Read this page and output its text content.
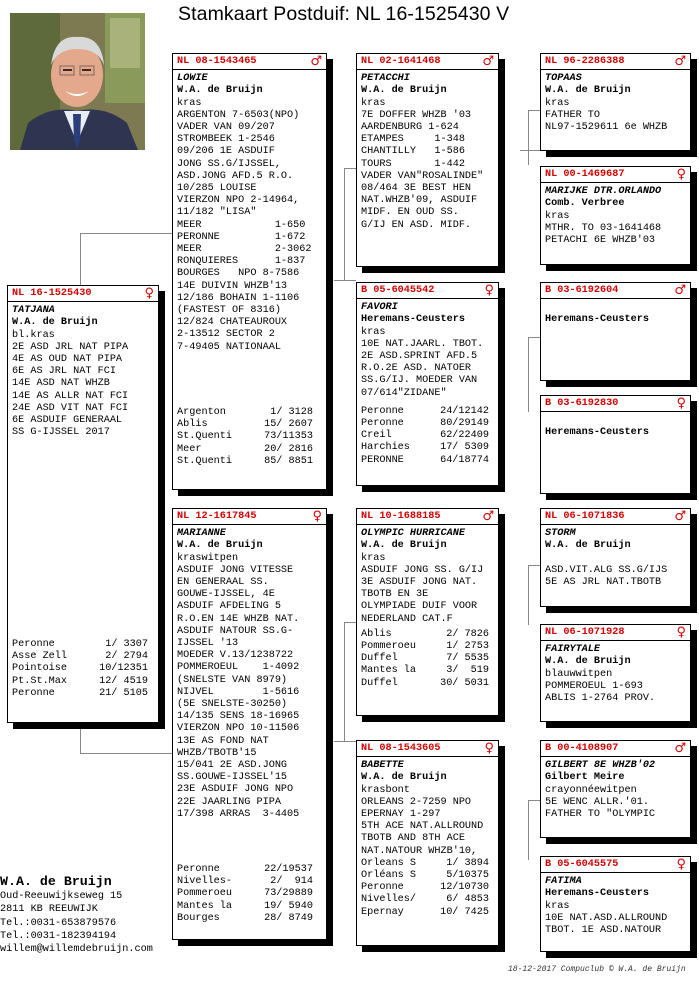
Stamkaart Postduif: NL 16-1525430 V
NL 16-1525430	♀
TATJANA
W.A. de Bruijn
bl.kras
2E ASD JRL NAT PIPA
4E AS OUD NAT PIPA
6E AS JRL NAT FCI
14E ASD NAT WHZB
14E AS ALLR NAT FCI
24E ASD VIT NAT FCI
6E ASDUIF GENERAAL
SS G-IJSSEL 2017
Peronne	1/ 3307
Asse Zell	2/ 2794
Pointoise	10/12351
Pt.St.Max	12/ 4519
Peronne	21/ 5105
NL 08-1543465	♂
LOWIE
W.A. de Bruijn
kras
ARGENTON 7-6503(NPO)
VADER VAN 09/207
STROMBEEK 1-2546
09/206 1E ASDUIF
JONG SS.G/IJSSEL,
ASD.JONG AFD.5 R.O.
10/285 LOUISE
VIERZON NPO 2-14964,
11/182 "LISA"
MEER            1-650
PERONNE         1-672
MEER            2-3062
RONQUIERES      1-837
BOURGES   NPO 8-7586
14E DUIVIN WHZB'13
12/186 BOHAIN 1-1106
(FASTEST OF 8316)
12/824 CHATEAUROUX
2-13512 SECTOR 2
7-49405 NATIONAAL
Argenton	1/ 3128
Ablis	15/ 2607
St.Quenti	73/11353
Meer	20/ 2816
St.Quenti	85/ 8851
NL 12-1617845	♀
MARIANNE
W.A. de Bruijn
kraswitpen
ASDUIF JONG VITESSE
EN GENERAAL SS.
GOUWE-IJSSEL, 4E
ASDUIF AFDELING 5
R.O.EN 14E WHZB NAT.
ASDUIF NATOUR SS.G-
IJSSEL '13
MOEDER V.13/1238722
POMMEROEUL    1-4092
(SNELSTE VAN 8979)
NIJVEL        1-5616
(5E SNELSTE-30250)
14/135 SENS 18-16965
VIERZON NPO 10-11506
13E AS FOND NAT
WHZB/TBOTB'15
15/041 2E ASD.JONG
SS.GOUWE-IJSSEL'15
23E ASDUIF JONG NPO
22E JAARLING PIPA
17/398 ARRAS  3-4405
Peronne	22/19537
Nivelles-	2/  914
Pommeroeu	73/29889
Mantes la	19/ 5940
Bourges	28/ 8749
NL 02-1641468	♂
PETACCHI
W.A. de Bruijn
kras
7E DOFFER WHZB '03
AARDENBURG 1-624
ETAMPES     1-348
CHANTILLY   1-586
TOURS       1-442
VADER VAN"ROSALINDE"
08/464 3E BEST HEN
NAT.WHZB'09, ASDUIF
MIDF. EN OUD SS.
G/IJ EN ASD. MIDF.
B 05-6045542	♀
FAVORI
Heremans-Ceusters
kras
10E NAT.JAARL. TBOT.
2E ASD.SPRINT AFD.5
R.O.2E ASD. NATOER
SS.G/IJ. MOEDER VAN
07/614"ZIDANE"
Peronne	24/12142
Peronne	80/29149
Creil	62/22409
Harchies	17/ 5309
PERONNE	64/18774
NL 10-1688185	♂
OLYMPIC HURRICANE
W.A. de Bruijn
kras
ASDUIF JONG SS. G/IJ
3E ASDUIF JONG NAT.
TBOTB EN 3E
OLYMPIADE DUIF VOOR
NEDERLAND CAT.F
Ablis	2/ 7826
Pommeroeu	1/ 2753
Duffel	7/ 5535
Mantes la	3/  519
Duffel	30/ 5031
NL 08-1543605	♀
BABETTE
W.A. de Bruijn
krasbont
ORLEANS 2-7259 NPO
EPERNAY 1-297
5TH ACE NAT.ALLROUND
TBOTB AND 8TH ACE
NAT.NATOUR WHZB'10,
Orleans S	1/ 3894
Orléans S	5/10375
Peronne	12/10730
Nivelles/	6/ 4853
Epernay	10/ 7425
NL 96-2286388	♂
TOPAAS
W.A. de Bruijn
kras
FATHER TO
NL97-1529611 6e WHZB
NL 00-1469687	♀
MARIJKE DTR.ORLANDO
Comb. Verbree
kras
MTHR. TO 03-1641468
PETACHI 6E WHZB'03
B 03-6192604	♂
Heremans-Ceusters
B 03-6192830	♀
Heremans-Ceusters
NL 06-1071836	♂
STORM
W.A. de Bruijn

ASD.VIT.ALG SS.G/IJS
5E AS JRL NAT.TBOTB
NL 06-1071928	♀
FAIRYTALE
W.A. de Bruijn
blauwwitpen
POMMEROEUL 1-693
ABLIS 1-2764 PROV.
B 00-4108907	♂
GILBERT 8E WHZB'02
Gilbert Meire
crayonnéewitpen
5E WENC ALLR.'01.
FATHER TO "OLYMPIC
B 05-6045575	♀
FATIMA
Heremans-Ceusters
kras
10E NAT.ASD.ALLROUND
TBOT. 1E ASD.NATOUR
W.A. de Bruijn
Oud-Reeuwijkseweg 15
2811 KB REEUWIJK
Tel.:0031-653879576
Tel.:0031-182394194
willem@willemdebruijn.com
18-12-2017 Compuclub © W.A. de Bruijn
